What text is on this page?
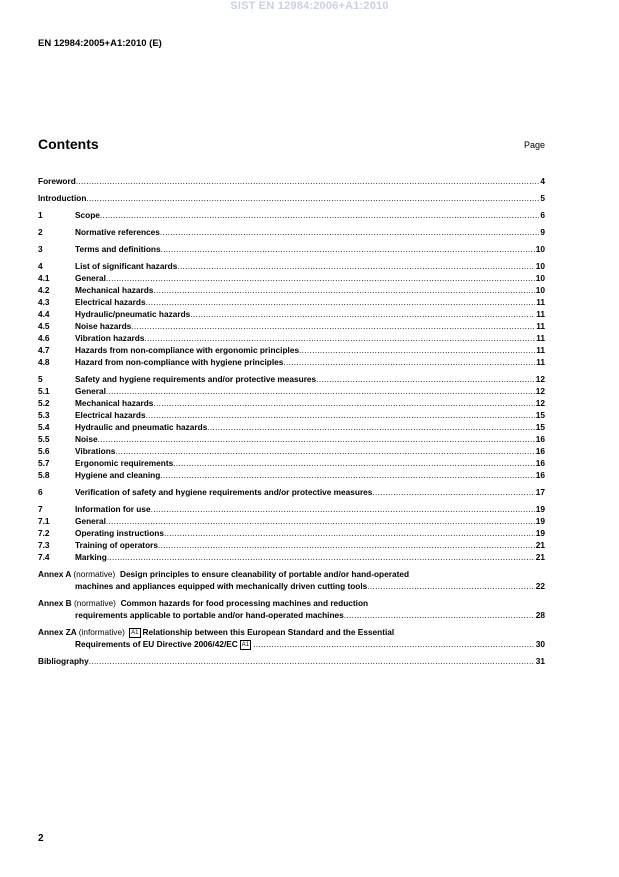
SIST EN 12984:2006+A1:2010
EN 12984:2005+A1:2010 (E)
Contents	Page
Foreword .....	4
Introduction .....	5
1	Scope .....	6
2	Normative references .....	9
3	Terms and definitions .....	10
4	List of significant hazards .....	10
4.1	General .....	10
4.2	Mechanical hazards .....	10
4.3	Electrical hazards .....	11
4.4	Hydraulic/pneumatic hazards .....	11
4.5	Noise hazards .....	11
4.6	Vibration hazards .....	11
4.7	Hazards from non-compliance with ergonomic principles .....	11
4.8	Hazard from non-compliance with hygiene principles .....	11
5	Safety and hygiene requirements and/or protective measures .....	12
5.1	General .....	12
5.2	Mechanical hazards .....	12
5.3	Electrical hazards .....	15
5.4	Hydraulic and pneumatic hazards .....	15
5.5	Noise .....	16
5.6	Vibrations .....	16
5.7	Ergonomic requirements .....	16
5.8	Hygiene and cleaning .....	16
6	Verification of safety and hygiene requirements and/or protective measures .....	17
7	Information for use .....	19
7.1	General .....	19
7.2	Operating instructions .....	19
7.3	Training of operators .....	21
7.4	Marking .....	21
Annex A (normative) Design principles to ensure cleanability of portable and/or hand-operated
machines and appliances equipped with mechanically driven cutting tools .....	22
Annex B (normative) Common hazards for food processing machines and reduction
requirements applicable to portable and/or hand-operated machines .....	28
Annex ZA (informative) A1 Relationship between this European Standard and the Essential
Requirements of EU Directive 2006/42/EC A1 .....	30
Bibliography .....	31
2
